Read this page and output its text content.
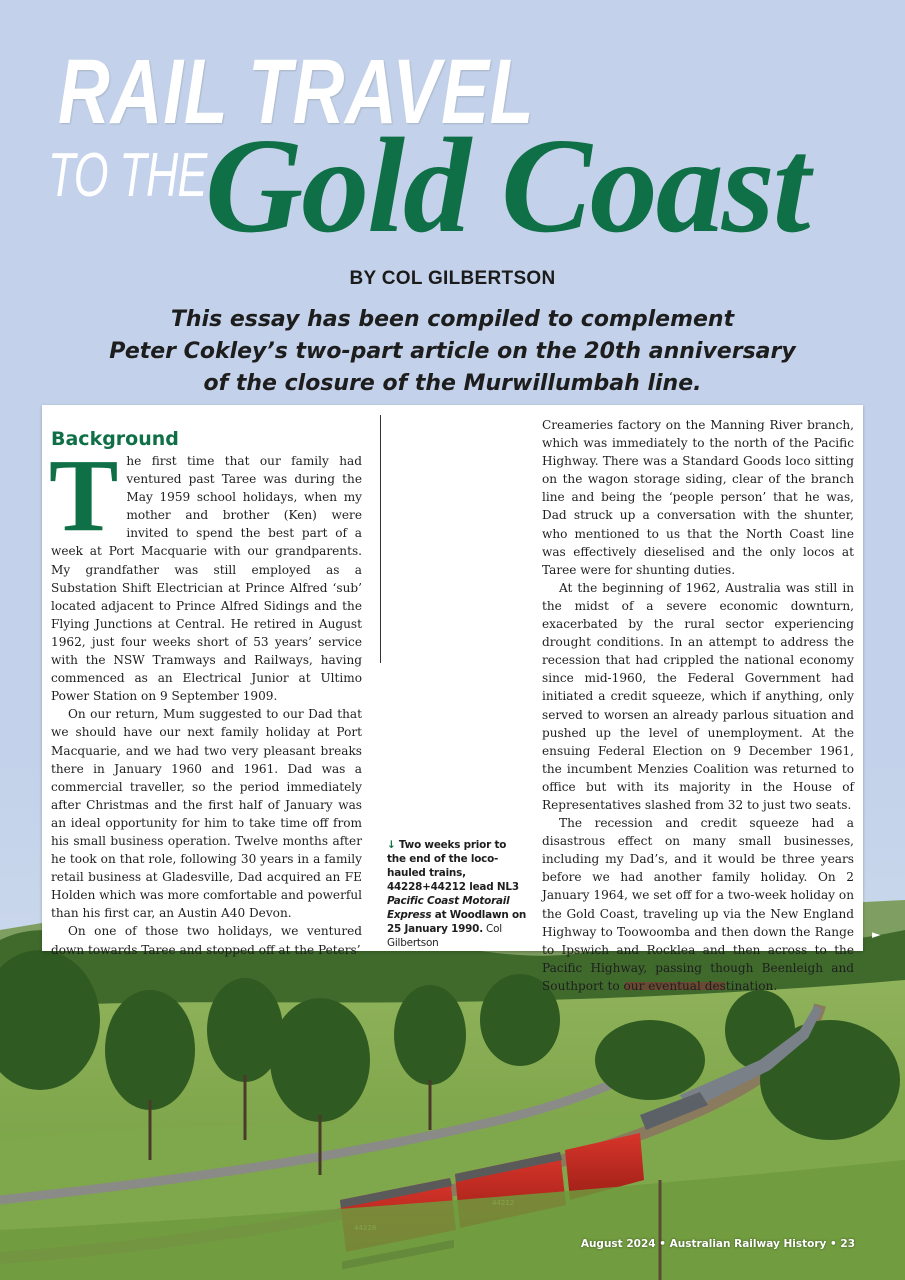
RAIL TRAVEL
TO THE
Gold Coast
BY COL GILBERTSON
This essay has been compiled to complement
Peter Cokley’s two-part article on the 20th anniversary
of the closure of the Murwillumbah line.
Background

The first time that our family had ventured past Taree was during the May 1959 school holidays, when my mother and brother (Ken) were invited to spend the best part of a week at Port Macquarie with our grandparents. My grandfather was still employed as a Substation Shift Electrician at Prince Alfred ‘sub’ located adjacent to Prince Alfred Sidings and the Flying Junctions at Central. He retired in August 1962, just four weeks short of 53 years’ service with the NSW Tramways and Railways, having commenced as an Electrical Junior at Ultimo Power Station on 9 September 1909.

On our return, Mum suggested to our Dad that we should have our next family holiday at Port Macquarie, and we had two very pleasant breaks there in January 1960 and 1961. Dad was a commercial traveller, so the period immediately after Christmas and the first half of January was an ideal opportunity for him to take time off from his small business operation. Twelve months after he took on that role, following 30 years in a family retail business at Gladesville, Dad acquired an FE Holden which was more comfortable and powerful than his first car, an Austin A40 Devon.

On one of those two holidays, we ventured down towards Taree and stopped off at the Peters’

↓ Two weeks prior to the end of the loco-hauled trains, 44228+44212 lead NL3 Pacific Coast Motorail Express at Woodlawn on 25 January 1990. Col Gilbertson

Creameries factory on the Manning River branch, which was immediately to the north of the Pacific Highway. There was a Standard Goods loco sitting on the wagon storage siding, clear of the branch line and being the ‘people person’ that he was, Dad struck up a conversation with the shunter, who mentioned to us that the North Coast line was effectively dieselised and the only locos at Taree were for shunting duties.

At the beginning of 1962, Australia was still in the midst of a severe economic downturn, exacerbated by the rural sector experiencing drought conditions. In an attempt to address the recession that had crippled the national economy since mid-1960, the Federal Government had initiated a credit squeeze, which if anything, only served to worsen an already parlous situation and pushed up the level of unemployment. At the ensuing Federal Election on 9 December 1961, the incumbent Menzies Coalition was returned to office but with its majority in the House of Representatives slashed from 32 to just two seats.

The recession and credit squeeze had a disastrous effect on many small businesses, including my Dad’s, and it would be three years before we had another family holiday. On 2 January 1964, we set off for a two-week holiday on the Gold Coast, traveling up via the New England Highway to Toowoomba and then down the Range to Ipswich and Rocklea and then across to the Pacific Highway, passing though Beenleigh and Southport to our eventual destination.

►
August 2024 • Australian Railway History • 23
